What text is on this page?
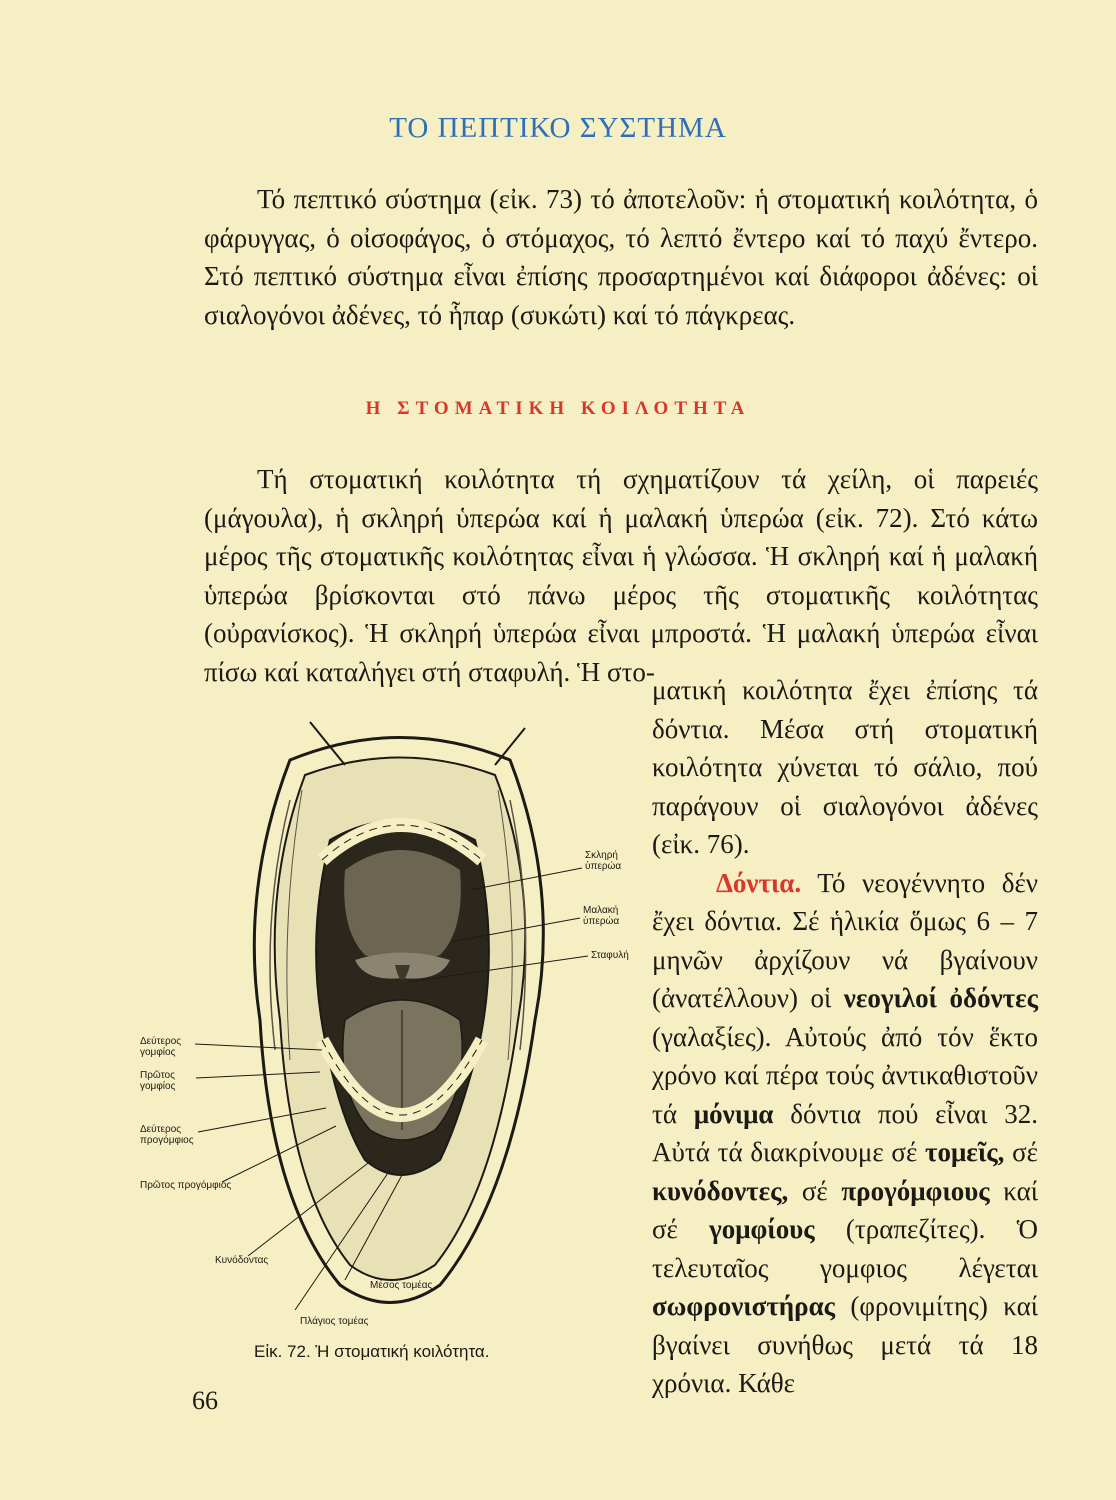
ΤΟ ΠΕΠΤΙΚΟ ΣΥΣΤΗΜΑ
Τό πεπτικό σύστημα (εἰκ. 73) τό ἀποτελοῦν: ἡ στοματική κοιλότητα, ὁ φάρυγγας, ὁ οἰσοφάγος, ὁ στόμαχος, τό λεπτό ἔντερο καί τό παχύ ἔντερο. Στό πεπτικό σύστημα εἶναι ἐπίσης προσαρτημένοι καί διάφοροι ἀδένες: οἱ σιαλογόνοι ἀδένες, τό ἧπαρ (συκώτι) καί τό πάγκρεας.
Η ΣΤΟΜΑΤΙΚΗ ΚΟΙΛΟΤΗΤΑ
Τή στοματική κοιλότητα τή σχηματίζουν τά χείλη, οἱ παρειές (μάγουλα), ἡ σκληρή ὑπερώα καί ἡ μαλακή ὑπερώα (εἰκ. 72). Στό κάτω μέρος τῆς στοματικῆς κοιλότητας εἶναι ἡ γλώσσα. Ἡ σκληρή καί ἡ μαλακή ὑπερώα βρίσκονται στό πάνω μέρος τῆς στοματικῆς κοιλότητας (οὐρανίσκος). Ἡ σκληρή ὑπερώα εἶναι μπροστά. Ἡ μαλακή ὑπερώα εἶναι πίσω καί καταλήγει στή σταφυλή. Ἡ στο-

ματική κοιλότητα ἔχει ἐπίσης τά δόντια. Μέσα στή στοματική κοιλότητα χύνεται τό σάλιο, πού παράγουν οἱ σιαλογόνοι ἀδένες (εἰκ. 76).

Δόντια. Τό νεογέννητο δέν ἔχει δόντια. Σέ ἡλικία ὅμως 6 – 7 μηνῶν ἀρχίζουν νά βγαίνουν (ἀνατέλλουν) οἱ νεογιλοί ὀδόντες (γαλαξίες). Αὐτούς ἀπό τόν ἕκτο χρόνο καί πέρα τούς ἀντικαθιστοῦν τά μόνιμα δόντια πού εἶναι 32. Αὐτά τά διακρίνουμε σέ τομεῖς, σέ κυνόδοντες, σέ προγόμφιους καί σέ γομφίους (τραπεζίτες). Ὁ τελευταῖος γομφιος λέγεται σωφρονιστήρας (φρονιμίτης) καί βγαίνει συνήθως μετά τά 18 χρόνια. Κάθε

Σκληρή ὑπερώα
Μαλακή ὑπερώα
Σταφυλή
Δεύτερος γομφίος
Πρῶτος γομφίος
Δεύτερος προγόμφιος
Πρῶτος προγόμφιος
Κυνόδοντας
Μέσος τομέας
Πλάγιος τομέας
Εἰκ. 72. Ἡ στοματική κοιλότητα.
66
